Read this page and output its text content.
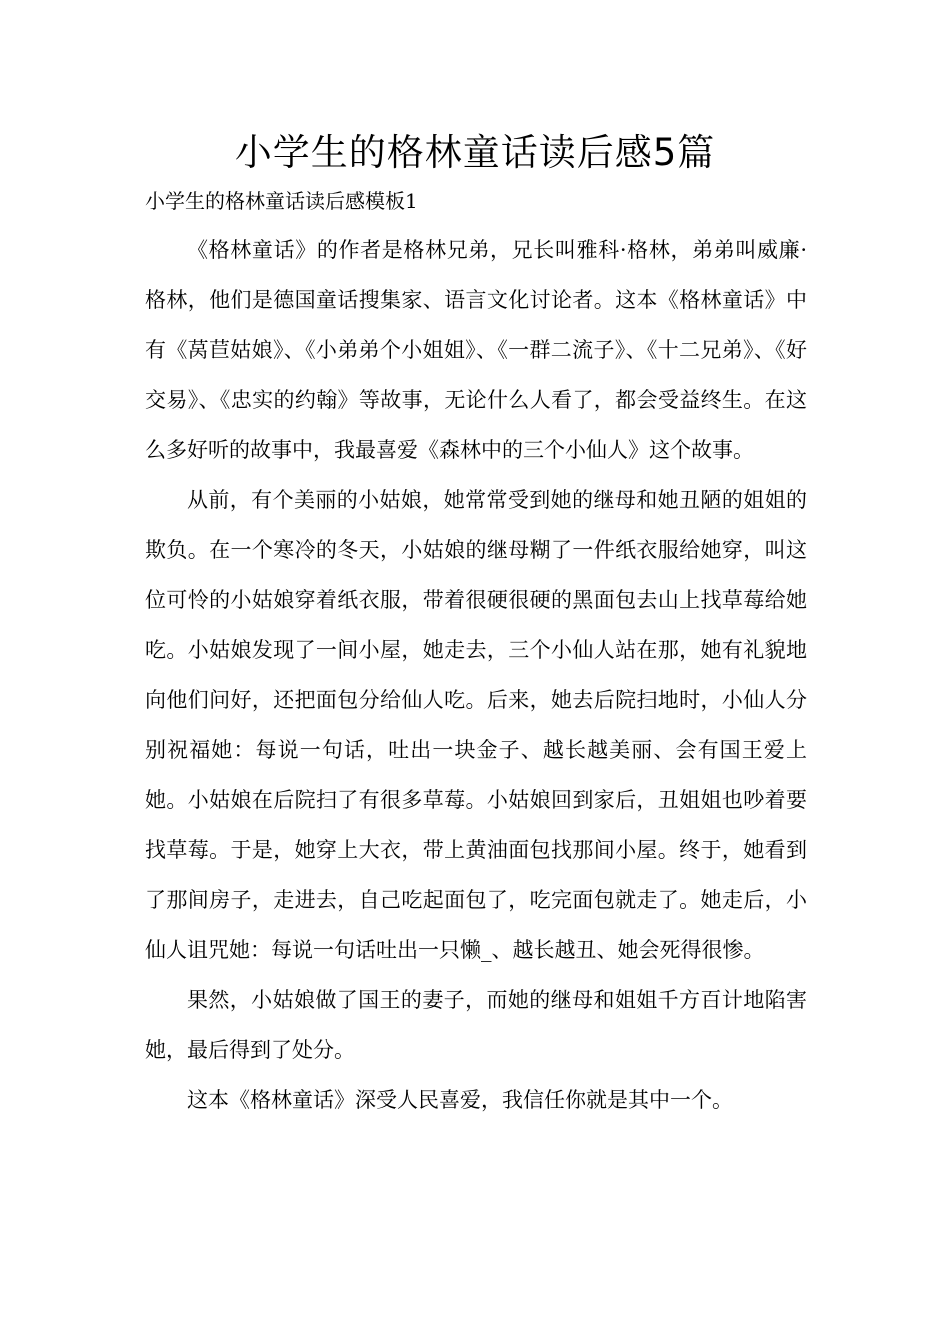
小学生的格林童话读后感5篇
小学生的格林童话读后感模板1

《格林童话》的作者是格林兄弟，兄长叫雅科·格林，弟弟叫威廉·格林，他们是德国童话搜集家、语言文化讨论者。这本《格林童话》中有《莴苣姑娘》、《小弟弟个小姐姐》、《一群二流子》、《十二兄弟》、《好交易》、《忠实的约翰》等故事，无论什么人看了，都会受益终生。在这么多好听的故事中，我最喜爱《森林中的三个小仙人》这个故事。

从前，有个美丽的小姑娘，她常常受到她的继母和她丑陋的姐姐的欺负。在一个寒冷的冬天，小姑娘的继母糊了一件纸衣服给她穿，叫这位可怜的小姑娘穿着纸衣服，带着很硬很硬的黑面包去山上找草莓给她吃。小姑娘发现了一间小屋，她走去，三个小仙人站在那，她有礼貌地向他们问好，还把面包分给仙人吃。后来，她去后院扫地时，小仙人分别祝福她：每说一句话，吐出一块金子、越长越美丽、会有国王爱上她。小姑娘在后院扫了有很多草莓。小姑娘回到家后，丑姐姐也吵着要找草莓。于是，她穿上大衣，带上黄油面包找那间小屋。终于，她看到了那间房子，走进去，自己吃起面包了，吃完面包就走了。她走后，小仙人诅咒她：每说一句话吐出一只懒_、越长越丑、她会死得很惨。

果然，小姑娘做了国王的妻子，而她的继母和姐姐千方百计地陷害她，最后得到了处分。

这本《格林童话》深受人民喜爱，我信任你就是其中一个。
